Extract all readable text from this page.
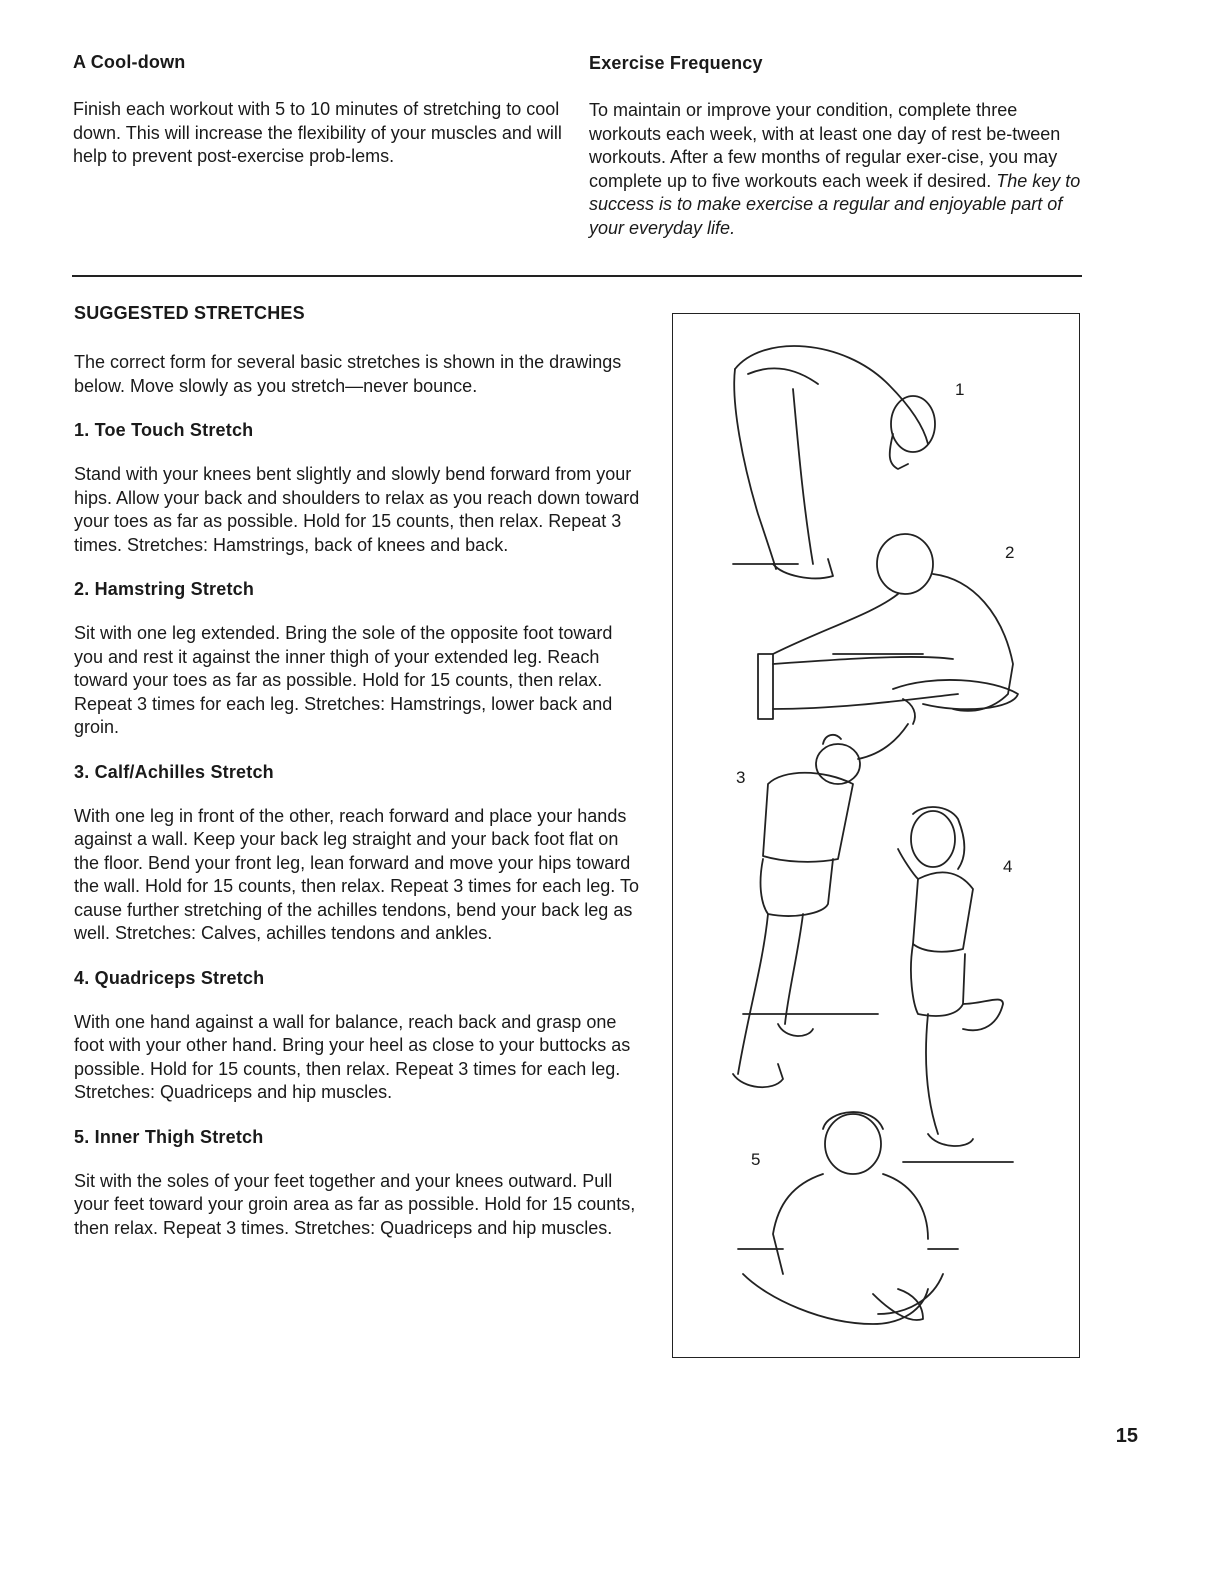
A Cool-down

Finish each workout with 5 to 10 minutes of stretching to cool down. This will increase the flexibility of your muscles and will help to prevent post-exercise prob-lems.

Exercise Frequency

To maintain or improve your condition, complete three workouts each week, with at least one day of rest be-tween workouts. After a few months of regular exer-cise, you may complete up to five workouts each week if desired. The key to success is to make exercise a regular and enjoyable part of your everyday life.

SUGGESTED STRETCHES

The correct form for several basic stretches is shown in the drawings below. Move slowly as you stretch—never bounce.

1. Toe Touch Stretch

Stand with your knees bent slightly and slowly bend forward from your hips. Allow your back and shoulders to relax as you reach down toward your toes as far as possible. Hold for 15 counts, then relax. Repeat 3 times. Stretches: Hamstrings, back of knees and back.

2. Hamstring Stretch

Sit with one leg extended. Bring the sole of the opposite foot toward you and rest it against the inner thigh of your extended leg. Reach toward your toes as far as possible. Hold for 15 counts, then relax. Repeat 3 times for each leg. Stretches: Hamstrings, lower back and groin.

3. Calf/Achilles Stretch

With one leg in front of the other, reach forward and place your hands against a wall. Keep your back leg straight and your back foot flat on the floor. Bend your front leg, lean forward and move your hips toward the wall. Hold for 15 counts, then relax. Repeat 3 times for each leg. To cause further stretching of the achilles tendons, bend your back leg as well. Stretches: Calves, achilles tendons and ankles.

4. Quadriceps Stretch

With one hand against a wall for balance, reach back and grasp one foot with your other hand. Bring your heel as close to your buttocks as possible. Hold for 15 counts, then relax. Repeat 3 times for each leg. Stretches: Quadriceps and hip muscles.

5. Inner Thigh Stretch

Sit with the soles of your feet together and your knees outward. Pull your feet toward your groin area as far as possible. Hold for 15 counts, then relax. Repeat 3 times. Stretches: Quadriceps and hip muscles.

1
2
3
4
5
15
